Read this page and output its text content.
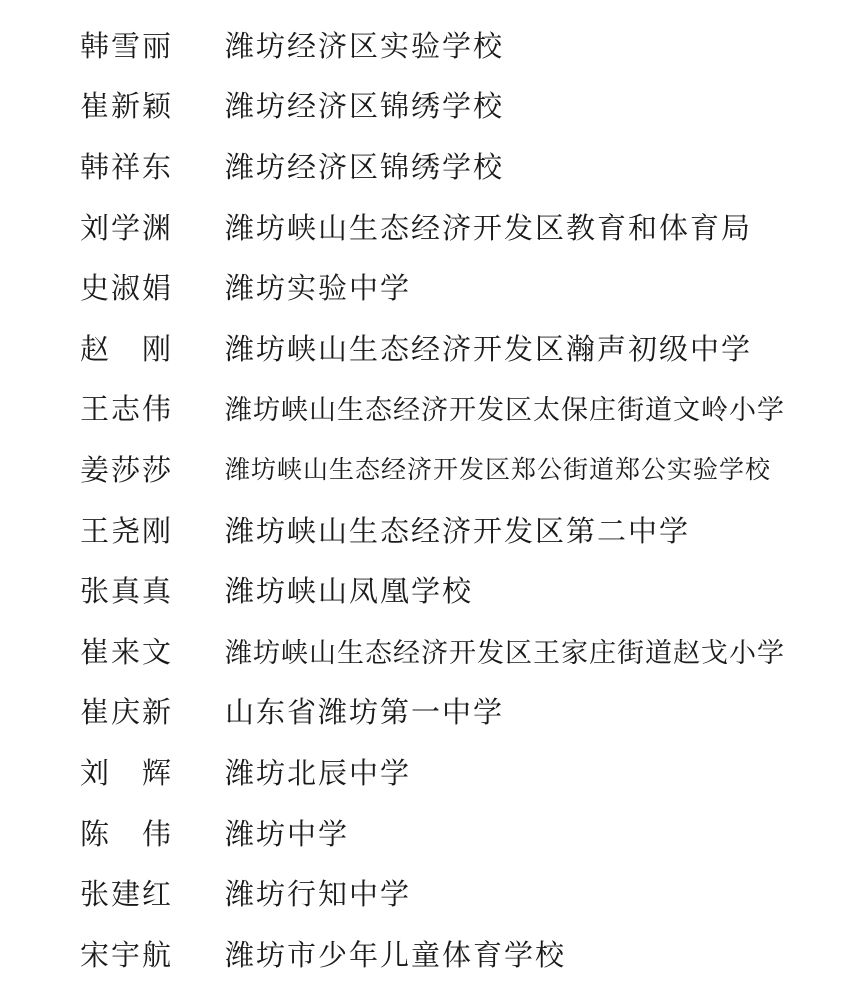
韩雪丽	潍坊经济区实验学校
崔新颖	潍坊经济区锦绣学校
韩祥东	潍坊经济区锦绣学校
刘学渊	潍坊峡山生态经济开发区教育和体育局
史淑娟	潍坊实验中学
赵　刚	潍坊峡山生态经济开发区瀚声初级中学
王志伟	潍坊峡山生态经济开发区太保庄街道文岭小学
姜莎莎	潍坊峡山生态经济开发区郑公街道郑公实验学校
王尧刚	潍坊峡山生态经济开发区第二中学
张真真	潍坊峡山凤凰学校
崔来文	潍坊峡山生态经济开发区王家庄街道赵戈小学
崔庆新	山东省潍坊第一中学
刘　辉	潍坊北辰中学
陈　伟	潍坊中学
张建红	潍坊行知中学
宋宇航	潍坊市少年儿童体育学校
